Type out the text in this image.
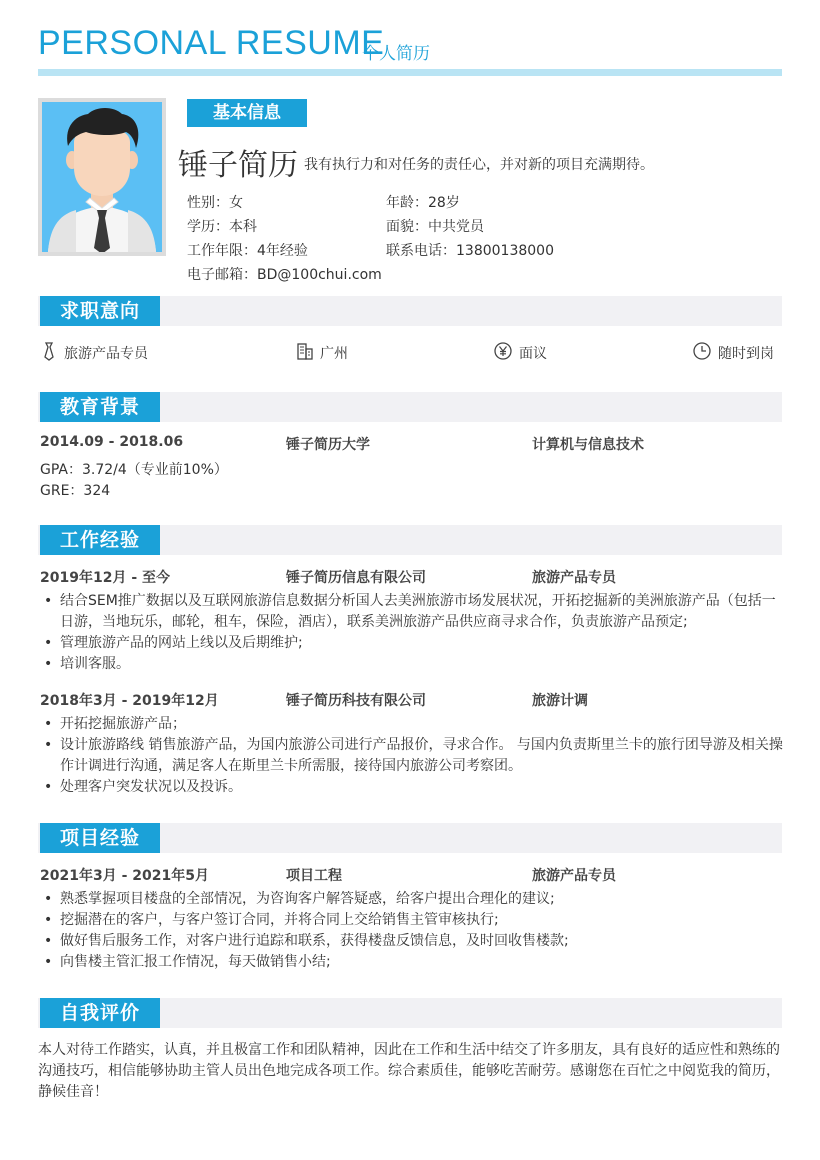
PERSONAL RESUME
个人简历
基本信息
锤子简历 我有执行力和对任务的责任心，并对新的项目充满期待。
性别：女	年龄：28岁
学历：本科	面貌：中共党员
工作年限：4年经验	联系电话：13800138000
电子邮箱：BD@100chui.com
求职意向
旅游产品专员	广州	面议	随时到岗
教育背景
2014.09 - 2018.06	锤子简历大学	计算机与信息技术
GPA：3.72/4（专业前10%）
GRE：324
工作经验
2019年12月 - 至今	锤子简历信息有限公司	旅游产品专员
• 结合SEM推广数据以及互联网旅游信息数据分析国人去美洲旅游市场发展状况，开拓挖掘新的美洲旅游产品（包括一日游，当地玩乐，邮轮，租车，保险，酒店），联系美洲旅游产品供应商寻求合作，负责旅游产品预定;
• 管理旅游产品的网站上线以及后期维护;
• 培训客服。
2018年3月 - 2019年12月	锤子简历科技有限公司	旅游计调
• 开拓挖掘旅游产品；
• 设计旅游路线 销售旅游产品，为国内旅游公司进行产品报价，寻求合作。 与国内负责斯里兰卡的旅行团导游及相关操作计调进行沟通，满足客人在斯里兰卡所需服，接待国内旅游公司考察团。
• 处理客户突发状况以及投诉。
项目经验
2021年3月 - 2021年5月	项目工程	旅游产品专员
• 熟悉掌握项目楼盘的全部情况，为咨询客户解答疑惑，给客户提出合理化的建议;
• 挖掘潜在的客户，与客户签订合同，并将合同上交给销售主管审核执行;
• 做好售后服务工作，对客户进行追踪和联系，获得楼盘反馈信息，及时回收售楼款;
• 向售楼主管汇报工作情况，每天做销售小结;
自我评价
本人对待工作踏实，认真，并且极富工作和团队精神，因此在工作和生活中结交了许多朋友，具有良好的适应性和熟练的沟通技巧，相信能够协助主管人员出色地完成各项工作。综合素质佳，能够吃苦耐劳。感谢您在百忙之中阅览我的简历，静候佳音！
